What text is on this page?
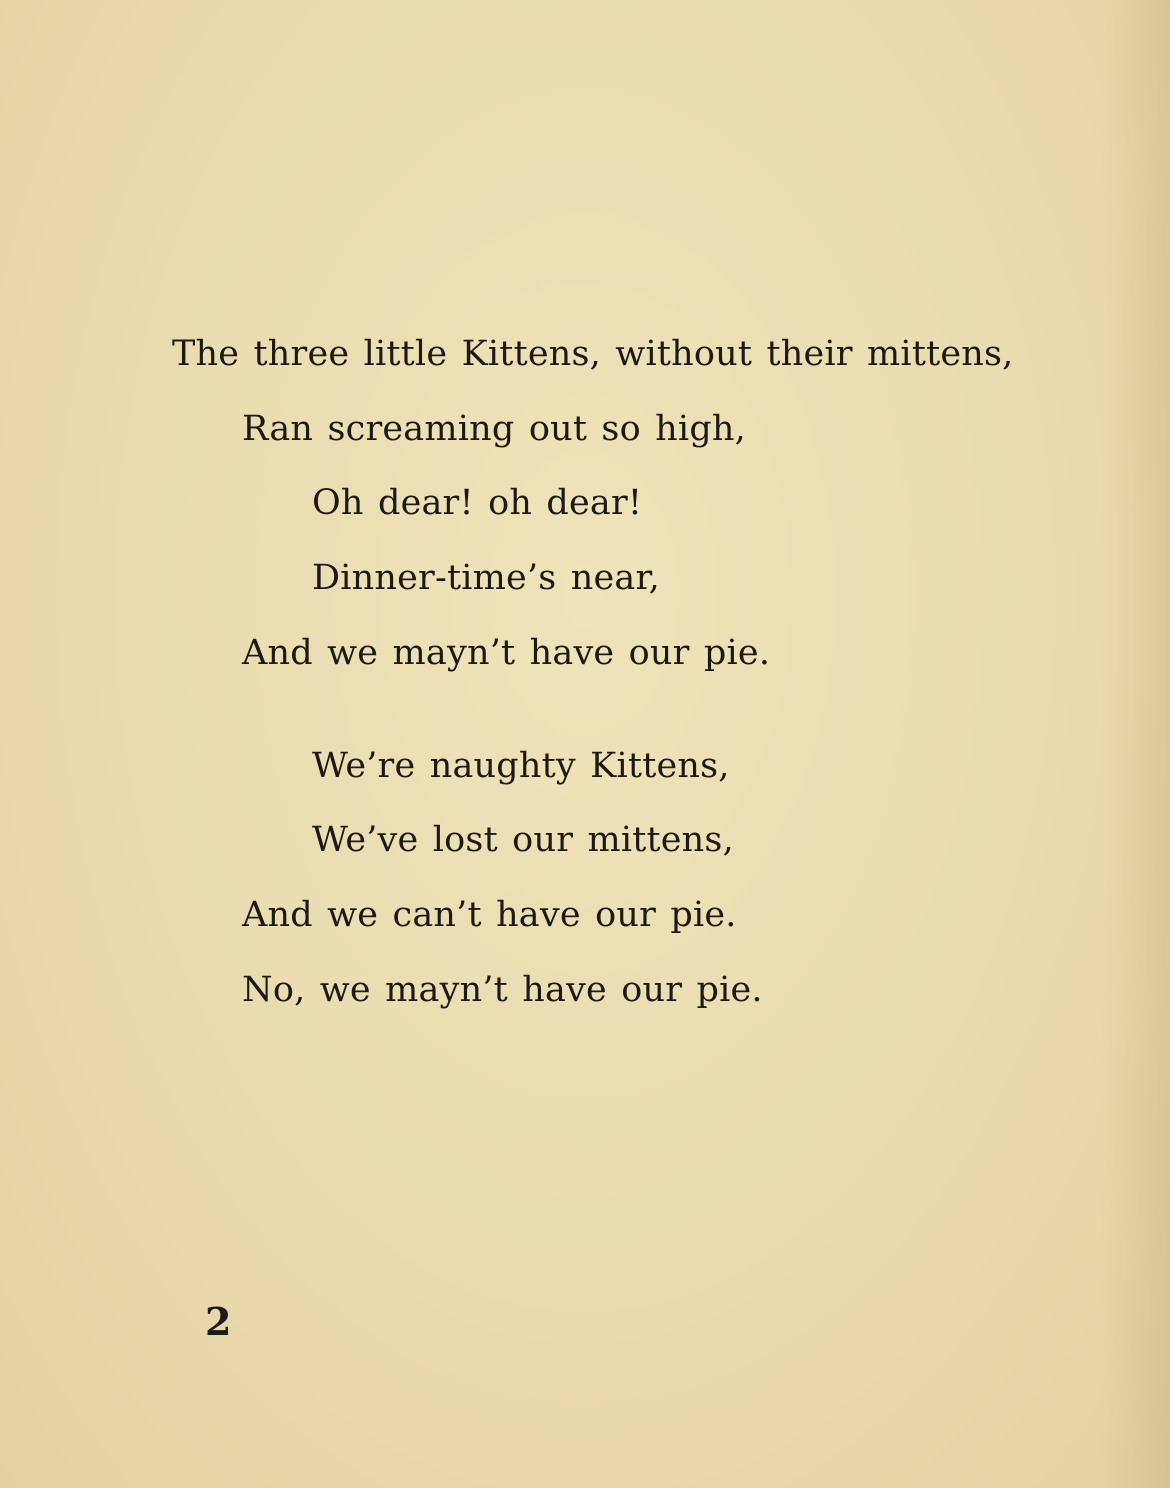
The three little Kittens, without their mittens,

Ran screaming out so high,

Oh dear! oh dear!

Dinner-time’s near,

And we mayn’t have our pie.

We’re naughty Kittens,

We’ve lost our mittens,

And we can’t have our pie.

No, we mayn’t have our pie.

2
